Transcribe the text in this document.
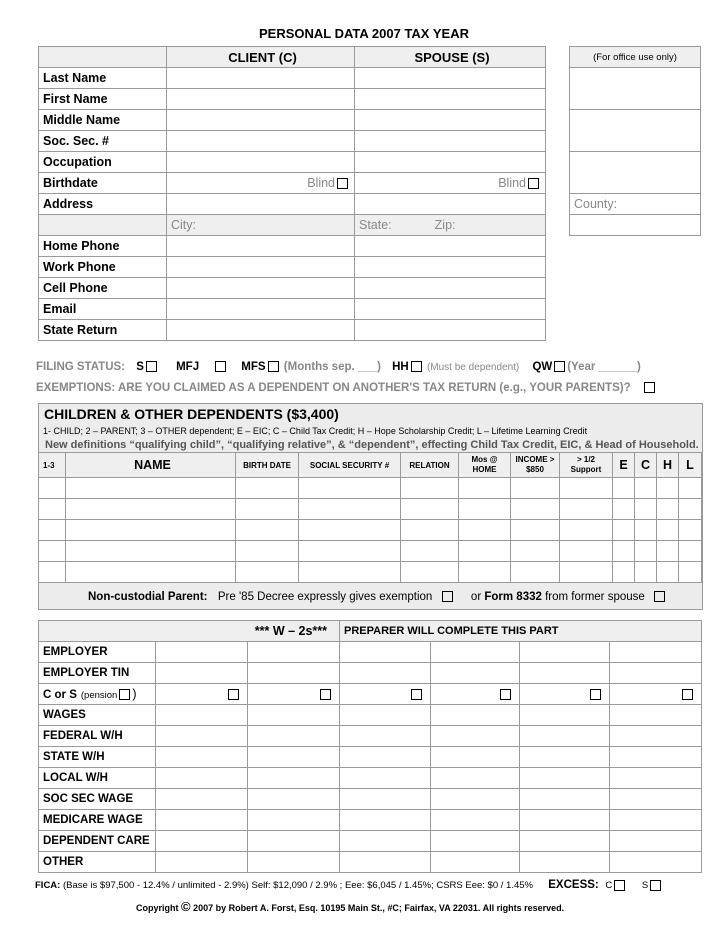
PERSONAL DATA 2007 TAX YEAR
	CLIENT (C)	SPOUSE (S)
Last Name		
First Name		
Middle Name		
Soc. Sec. #		
Occupation		
Birthdate	Blind	Blind
Address		
	City:	State: Zip:
Home Phone		
Work Phone		
Cell Phone		
Email		
State Return		
(For office use only)

County:

FILING STATUS: S	MFJ	MFS (Months sep. ___) HH (Must be dependent) QW (Year ______)
EXEMPTIONS: ARE YOU CLAIMED AS A DEPENDENT ON ANOTHER'S TAX RETURN (e.g., YOUR PARENTS)?
CHILDREN & OTHER DEPENDENTS ($3,400)
1- CHILD; 2 – PARENT; 3 – OTHER dependent; E – EIC; C – Child Tax Credit; H – Hope Scholarship Credit; L – Lifetime Learning Credit
New definitions “qualifying child”, “qualifying relative”, & “dependent”, effecting Child Tax Credit, EIC, & Head of Household.
1-3	NAME	BIRTH DATE	SOCIAL SECURITY #	RELATION	Mos @ HOME	INCOME > $850	> 1/2 Support	E	C	H	L

Non-custodial Parent: Pre '85 Decree expressly gives exemption	or Form 8332 from former spouse
*** W – 2s***			PREPARER WILL COMPLETE THIS PART			
EMPLOYER						
EMPLOYER TIN						
C or S (pension )						
WAGES						
FEDERAL W/H						
STATE W/H						
LOCAL W/H						
SOC SEC WAGE						
MEDICARE WAGE						
DEPENDENT CARE						
OTHER						
FICA: (Base is $97,500 - 12.4% / unlimited - 2.9%) Self: $12,090 / 2.9% ; Eee: $6,045 / 1.45%; CSRS Eee: $0 / 1.45% EXCESS: C	S
Copyright © 2007 by Robert A. Forst, Esq. 10195 Main St., #C; Fairfax, VA 22031. All rights reserved.
